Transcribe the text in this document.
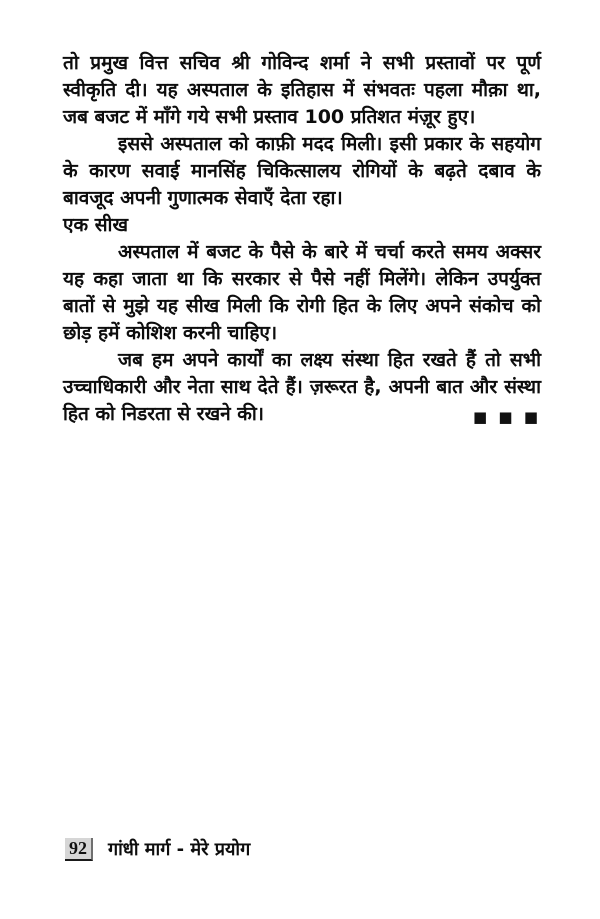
तो प्रमुख वित्त सचिव श्री गोविन्द शर्मा ने सभी प्रस्तावों पर पूर्ण स्वीकृति दी। यह अस्पताल के इतिहास में संभवतः पहला मौक़ा था, जब बजट में माँगे गये सभी प्रस्ताव 100 प्रतिशत मंज़ूर हुए।

इससे अस्पताल को काफ़ी मदद मिली। इसी प्रकार के सहयोग के कारण सवाई मानसिंह चिकित्सालय रोगियों के बढ़ते दबाव के बावजूद अपनी गुणात्मक सेवाएँ देता रहा।

एक सीख

अस्पताल में बजट के पैसे के बारे में चर्चा करते समय अक्सर यह कहा जाता था कि सरकार से पैसे नहीं मिलेंगे। लेकिन उपर्युक्त बातों से मुझे यह सीख मिली कि रोगी हित के लिए अपने संकोच को छोड़ हमें कोशिश करनी चाहिए।

जब हम अपने कार्यों का लक्ष्य संस्था हित रखते हैं तो सभी उच्चाधिकारी और नेता साथ देते हैं। ज़रूरत है, अपनी बात और संस्था हित को निडरता से रखने की।	■ ■ ■

92	गांधी मार्ग - मेरे प्रयोग
